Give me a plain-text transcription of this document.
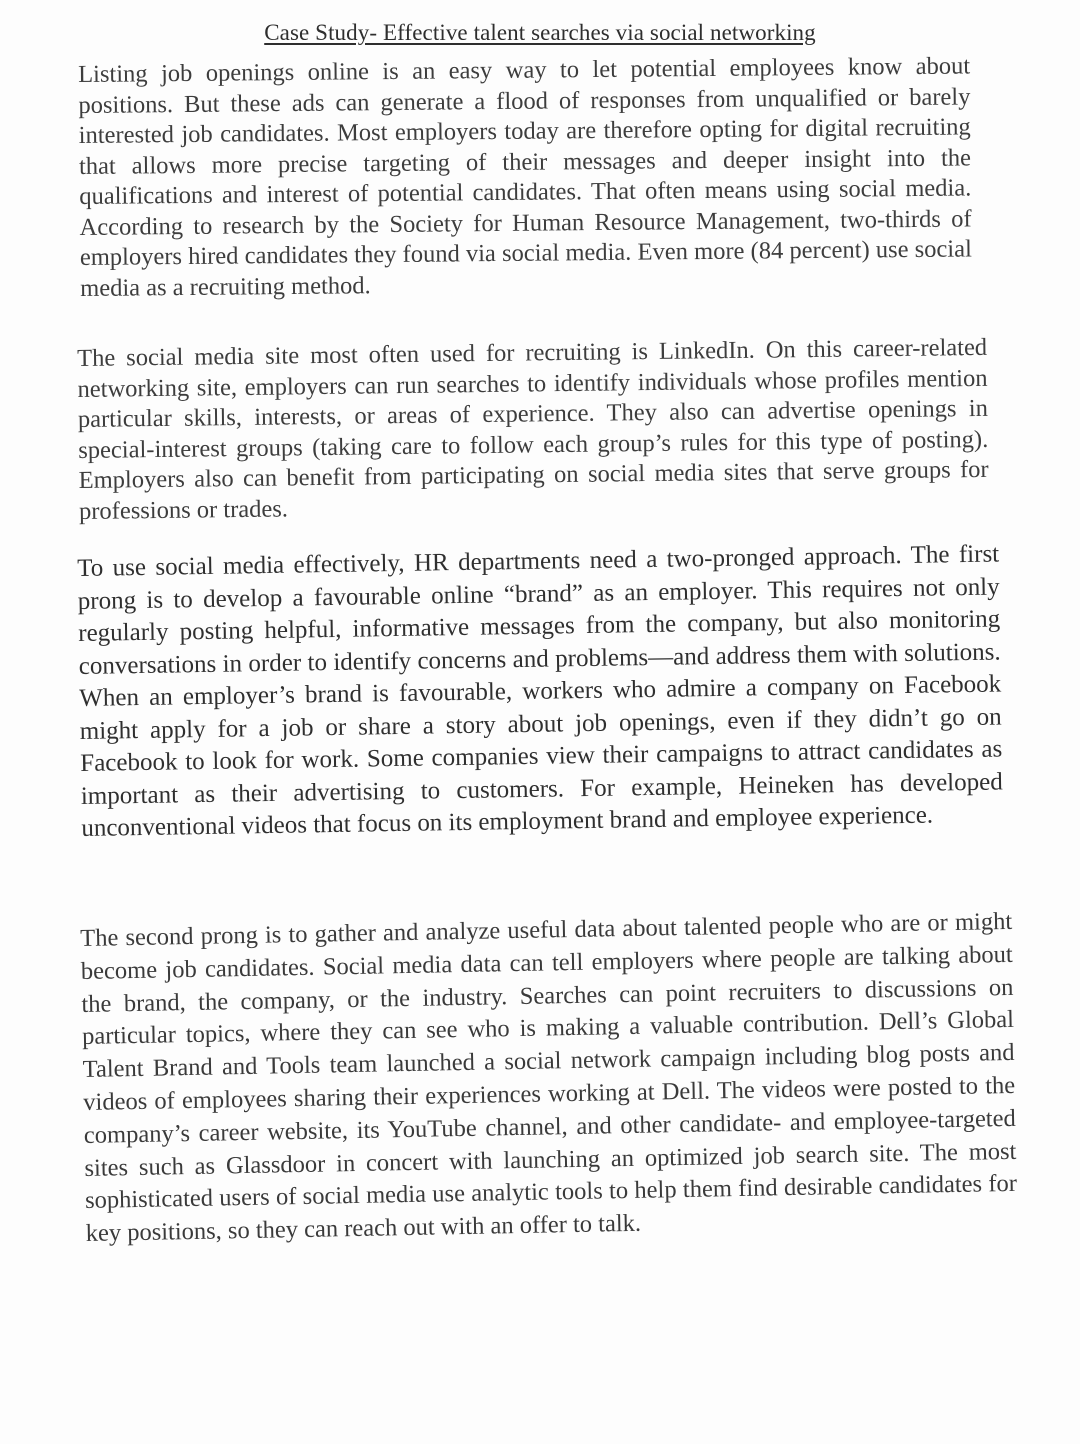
Case Study- Effective talent searches via social networking

Listing job openings online is an easy way to let potential employees know about positions. But these ads can generate a flood of responses from unqualified or barely interested job candidates. Most employers today are therefore opting for digital recruiting that allows more precise targeting of their messages and deeper insight into the qualifications and interest of potential candidates. That often means using social media. According to research by the Society for Human Resource Management, two-thirds of employers hired candidates they found via social media. Even more (84 percent) use social media as a recruiting method.

The social media site most often used for recruiting is LinkedIn. On this career-related networking site, employers can run searches to identify individuals whose profiles mention particular skills, interests, or areas of experience. They also can advertise openings in special-interest groups (taking care to follow each group’s rules for this type of posting). Employers also can benefit from participating on social media sites that serve groups for professions or trades.

To use social media effectively, HR departments need a two-pronged approach. The first prong is to develop a favourable online “brand” as an employer. This requires not only regularly posting helpful, informative messages from the company, but also monitoring conversations in order to identify concerns and problems—and address them with solutions. When an employer’s brand is favourable, workers who admire a company on Facebook might apply for a job or share a story about job openings, even if they didn’t go on Facebook to look for work. Some companies view their campaigns to attract candidates as important as their advertising to customers. For example, Heineken has developed unconventional videos that focus on its employment brand and employee experience.

The second prong is to gather and analyze useful data about talented people who are or might become job candidates. Social media data can tell employers where people are talking about the brand, the company, or the industry. Searches can point recruiters to discussions on particular topics, where they can see who is making a valuable contribution. Dell’s Global Talent Brand and Tools team launched a social network campaign including blog posts and videos of employees sharing their experiences working at Dell. The videos were posted to the company’s career website, its YouTube channel, and other candidate- and employee-targeted sites such as Glassdoor in concert with launching an optimized job search site. The most sophisticated users of social media use analytic tools to help them find desirable candidates for key positions, so they can reach out with an offer to talk.
